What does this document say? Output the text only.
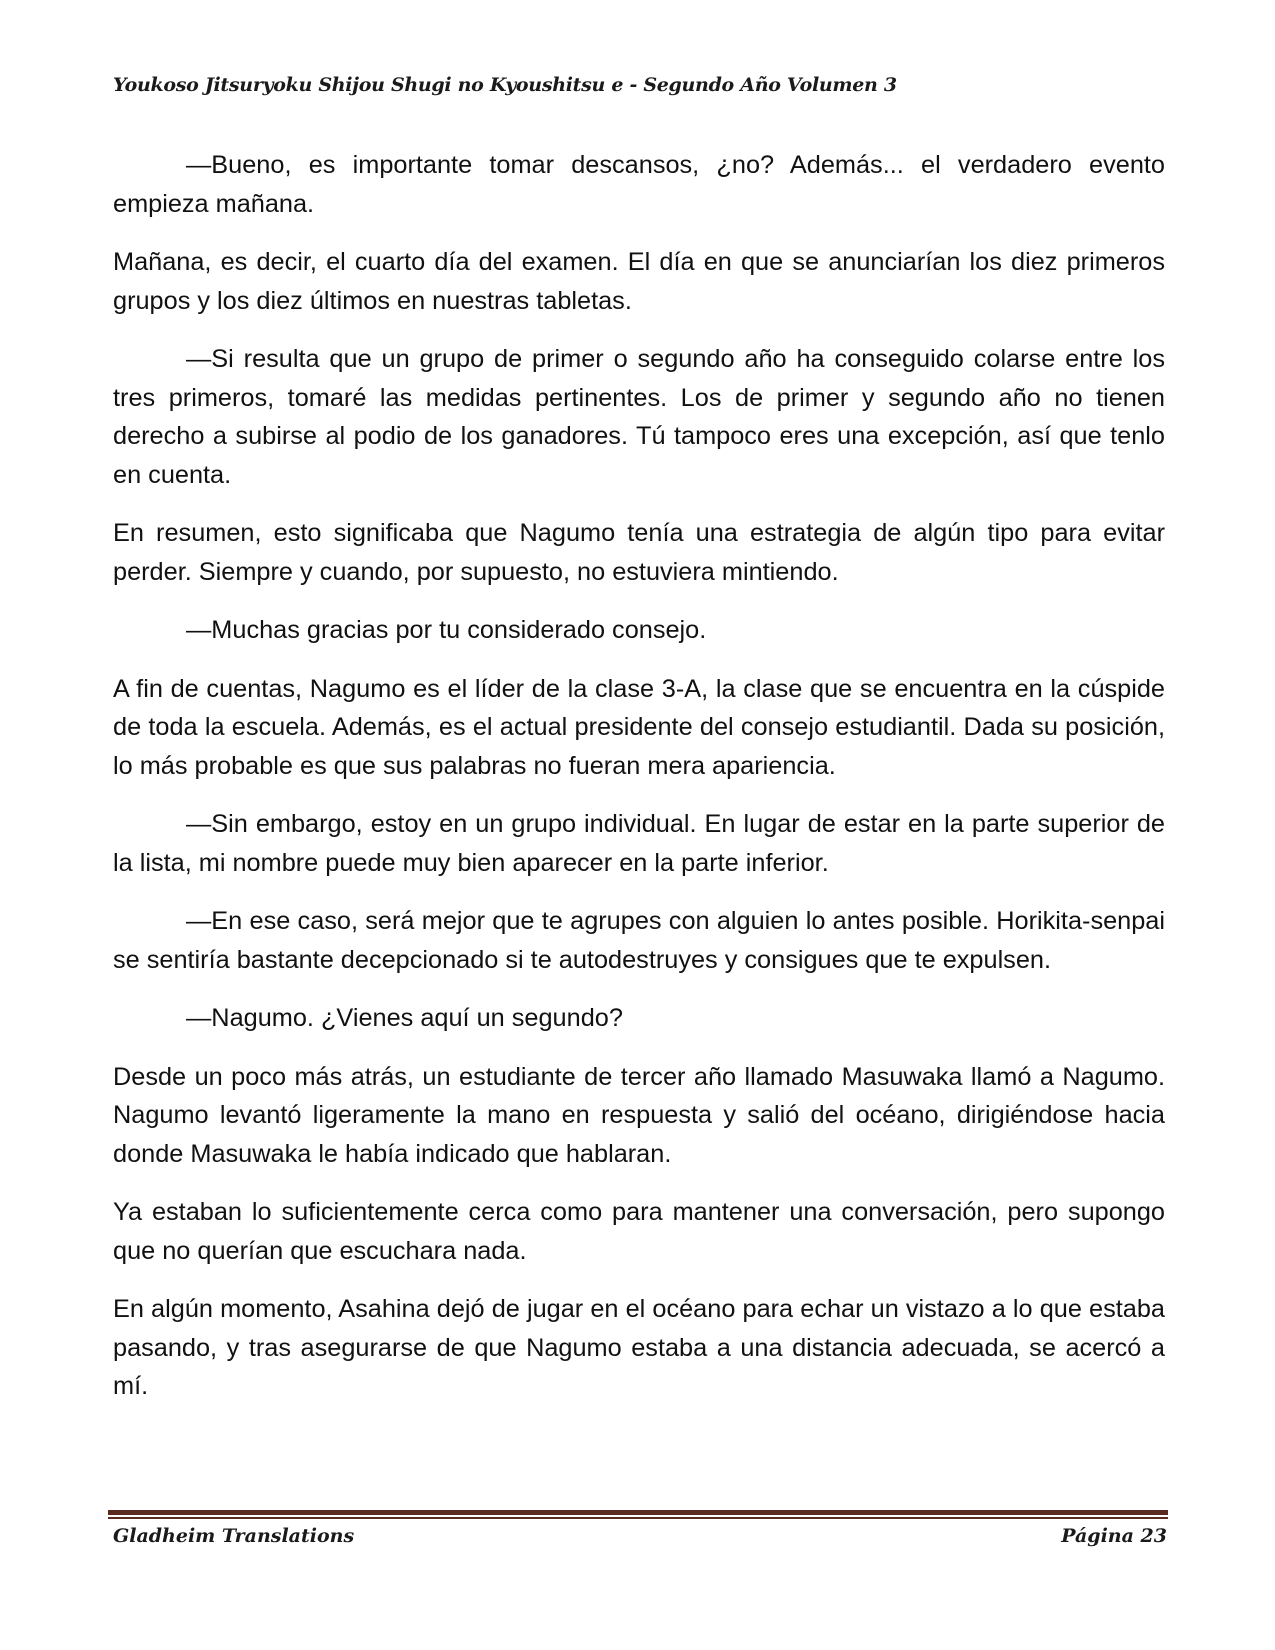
Youkoso Jitsuryoku Shijou Shugi no Kyoushitsu e - Segundo Año Volumen 3

—Bueno, es importante tomar descansos, ¿no? Además... el verdadero evento empieza mañana.

Mañana, es decir, el cuarto día del examen. El día en que se anunciarían los diez primeros grupos y los diez últimos en nuestras tabletas.

—Si resulta que un grupo de primer o segundo año ha conseguido colarse entre los tres primeros, tomaré las medidas pertinentes. Los de primer y segundo año no tienen derecho a subirse al podio de los ganadores. Tú tampoco eres una excepción, así que tenlo en cuenta.

En resumen, esto significaba que Nagumo tenía una estrategia de algún tipo para evitar perder. Siempre y cuando, por supuesto, no estuviera mintiendo.

—Muchas gracias por tu considerado consejo.

A fin de cuentas, Nagumo es el líder de la clase 3-A, la clase que se encuentra en la cúspide de toda la escuela. Además, es el actual presidente del consejo estudiantil. Dada su posición, lo más probable es que sus palabras no fueran mera apariencia.

—Sin embargo, estoy en un grupo individual. En lugar de estar en la parte superior de la lista, mi nombre puede muy bien aparecer en la parte inferior.

—En ese caso, será mejor que te agrupes con alguien lo antes posible. Horikita-senpai se sentiría bastante decepcionado si te autodestruyes y consigues que te expulsen.

—Nagumo. ¿Vienes aquí un segundo?

Desde un poco más atrás, un estudiante de tercer año llamado Masuwaka llamó a Nagumo. Nagumo levantó ligeramente la mano en respuesta y salió del océano, dirigiéndose hacia donde Masuwaka le había indicado que hablaran.

Ya estaban lo suficientemente cerca como para mantener una conversación, pero supongo que no querían que escuchara nada.

En algún momento, Asahina dejó de jugar en el océano para echar un vistazo a lo que estaba pasando, y tras asegurarse de que Nagumo estaba a una distancia adecuada, se acercó a mí.

Gladheim Translations	Página 23
